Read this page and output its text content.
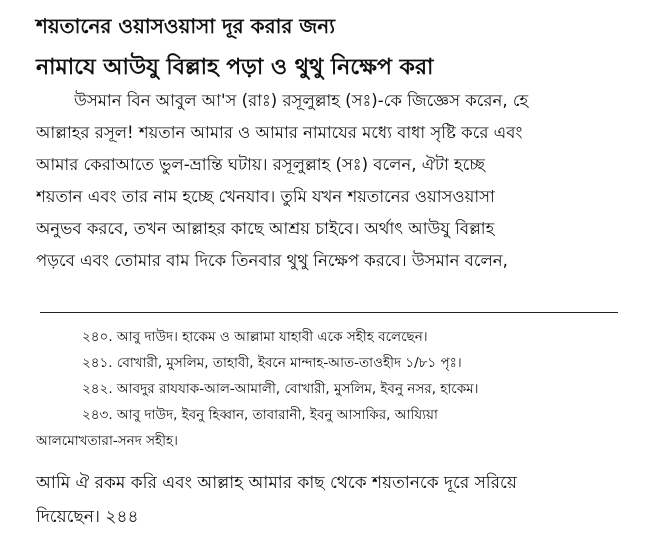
শয়তানের ওয়াসওয়াসা দূর করার জন্য
নামাযে আউযু বিল্লাহ পড়া ও থুথু নিক্ষেপ করা
উসমান বিন আবুল আ'স (রাঃ) রসূলুল্লাহ (সঃ)-কে জিজ্ঞেস করেন, হে
আল্লাহর রসূল! শয়তান আমার ও আমার নামাযের মধ্যে বাধা সৃষ্টি করে এবং
আমার কেরাআতে ভুল-ভ্রান্তি ঘটায়। রসূলুল্লাহ (সঃ) বলেন, ঐটা হচ্ছে
শয়তান এবং তার নাম হচ্ছে খেনযাব। তুমি যখন শয়তানের ওয়াসওয়াসা
অনুভব করবে, তখন আল্লাহর কাছে আশ্রয় চাইবে। অর্থাৎ আউযু বিল্লাহ
পড়বে এবং তোমার বাম দিকে তিনবার থুথু নিক্ষেপ করবে। উসমান বলেন,
২৪০. আবু দাউদ। হাকেম ও আল্লামা যাহাবী একে সহীহ বলেছেন।
২৪১. বোখারী, মুসলিম, তাহাবী, ইবনে মান্দাহ-আত-তাওহীদ ১/৮১ পৃঃ।
২৪২. আবদুর রাযযাক-আল-আমালী, বোখারী, মুসলিম, ইবনু নসর, হাকেম।
২৪৩. আবু দাউদ, ইবনু হিব্বান, তাবারানী, ইবনু আসাকির, আয্যিয়া
আলমোখতারা-সনদ সহীহ।
আমি ঐ রকম করি এবং আল্লাহ আমার কাছ থেকে শয়তানকে দূরে সরিয়ে
দিয়েছেন। ২৪৪
